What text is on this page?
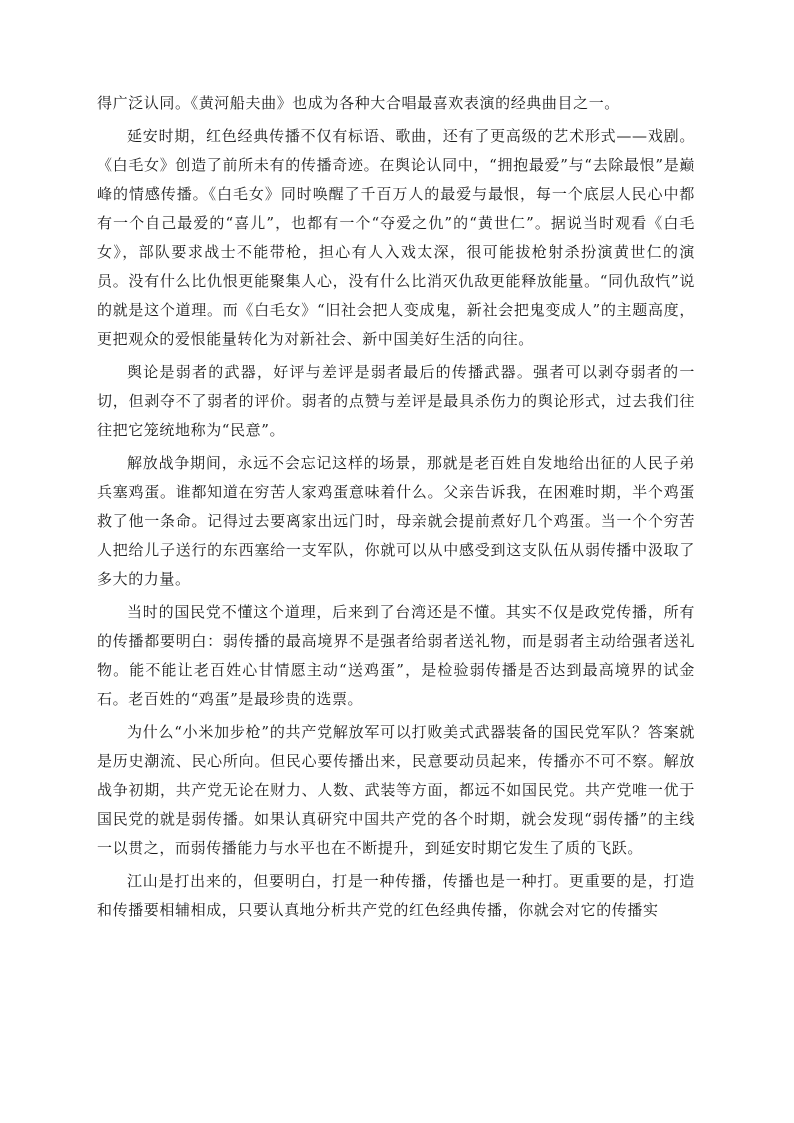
得广泛认同。《黄河船夫曲》也成为各种大合唱最喜欢表演的经典曲目之一。

延安时期，红色经典传播不仅有标语、歌曲，还有了更高级的艺术形式——戏剧。《白毛女》创造了前所未有的传播奇迹。在舆论认同中，“拥抱最爱”与“去除最恨”是巅峰的情感传播。《白毛女》同时唤醒了千百万人的最爱与最恨，每一个底层人民心中都有一个自己最爱的“喜儿”，也都有一个“夺爱之仇”的“黄世仁”。据说当时观看《白毛女》，部队要求战士不能带枪，担心有人入戏太深，很可能拔枪射杀扮演黄世仁的演员。没有什么比仇恨更能聚集人心，没有什么比消灭仇敌更能释放能量。“同仇敌忾”说的就是这个道理。而《白毛女》“旧社会把人变成鬼，新社会把鬼变成人”的主题高度，更把观众的爱恨能量转化为对新社会、新中国美好生活的向往。

舆论是弱者的武器，好评与差评是弱者最后的传播武器。强者可以剥夺弱者的一切，但剥夺不了弱者的评价。弱者的点赞与差评是最具杀伤力的舆论形式，过去我们往往把它笼统地称为“民意”。

解放战争期间，永远不会忘记这样的场景，那就是老百姓自发地给出征的人民子弟兵塞鸡蛋。谁都知道在穷苦人家鸡蛋意味着什么。父亲告诉我，在困难时期，半个鸡蛋救了他一条命。记得过去要离家出远门时，母亲就会提前煮好几个鸡蛋。当一个个穷苦人把给儿子送行的东西塞给一支军队，你就可以从中感受到这支队伍从弱传播中汲取了多大的力量。

当时的国民党不懂这个道理，后来到了台湾还是不懂。其实不仅是政党传播，所有的传播都要明白：弱传播的最高境界不是强者给弱者送礼物，而是弱者主动给强者送礼物。能不能让老百姓心甘情愿主动“送鸡蛋”，是检验弱传播是否达到最高境界的试金石。老百姓的“鸡蛋”是最珍贵的选票。

为什么“小米加步枪”的共产党解放军可以打败美式武器装备的国民党军队？答案就是历史潮流、民心所向。但民心要传播出来，民意要动员起来，传播亦不可不察。解放战争初期，共产党无论在财力、人数、武装等方面，都远不如国民党。共产党唯一优于国民党的就是弱传播。如果认真研究中国共产党的各个时期，就会发现“弱传播”的主线一以贯之，而弱传播能力与水平也在不断提升，到延安时期它发生了质的飞跃。

江山是打出来的，但要明白，打是一种传播，传播也是一种打。更重要的是，打造和传播要相辅相成，只要认真地分析共产党的红色经典传播，你就会对它的传播实
